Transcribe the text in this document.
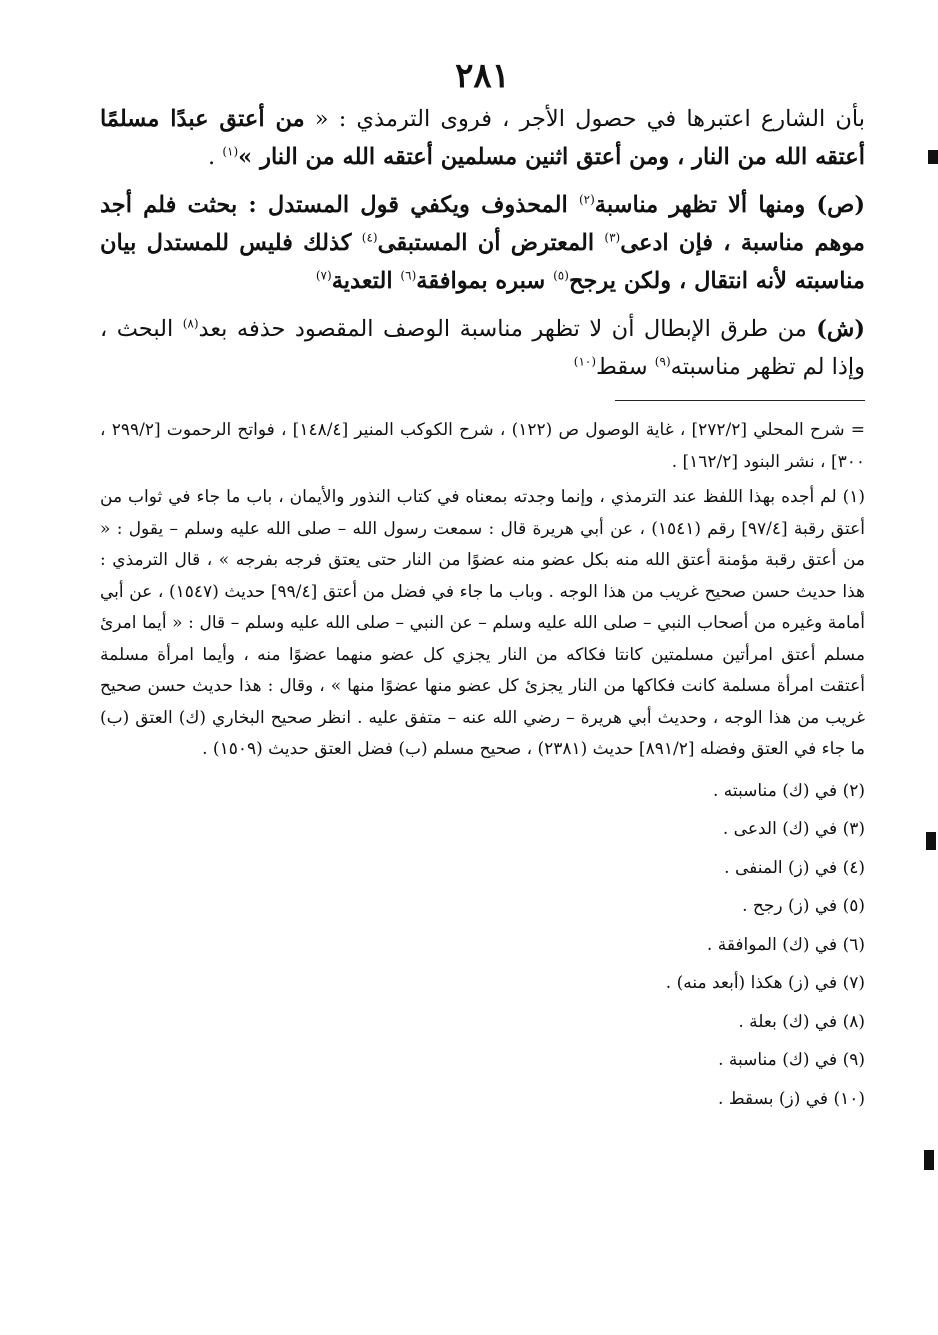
٢٨١

بأن الشارع اعتبرها في حصول الأجر ، فروى الترمذي : « من أعتق عبدًا مسلمًا أعتقه الله من النار ، ومن أعتق اثنين مسلمين أعتقه الله من النار »$^{(١)}$ .

(ص) ومنها ألا تظهر مناسبة$^{(٢)}$ المحذوف ويكفي قول المستدل : بحثت فلم أجد موهم مناسبة ، فإن ادعى$^{(٣)}$ المعترض أن المستبقى$^{(٤)}$ كذلك فليس للمستدل بيان مناسبته لأنه انتقال ، ولكن يرجح$^{(٥)}$ سبره بموافقة$^{(٦)}$ التعدية$^{(٧)}$

(ش) من طرق الإبطال أن لا تظهر مناسبة الوصف المقصود حذفه بعد$^{(٨)}$ البحث ، وإذا لم تظهر مناسبته$^{(٩)}$ سقط$^{(١٠)}$

= شرح المحلي [٢٧٢/٢] ، غاية الوصول ص (١٢٢) ، شرح الكوكب المنير [١٤٨/٤] ، فواتح الرحموت [٢٩٩/٢ ، ٣٠٠] ، نشر البنود [١٦٢/٢] .

(١) لم أجده بهذا اللفظ عند الترمذي ، وإنما وجدته بمعناه في كتاب النذور والأيمان ، باب ما جاء في ثواب من أعتق رقبة [٩٧/٤] رقم (١٥٤١) ، عن أبي هريرة قال : سمعت رسول الله – صلى الله عليه وسلم – يقول : « من أعتق رقبة مؤمنة أعتق الله منه بكل عضو منه عضوًا من النار حتى يعتق فرجه بفرجه » ، قال الترمذي : هذا حديث حسن صحيح غريب من هذا الوجه . وباب ما جاء في فضل من أعتق [٩٩/٤] حديث (١٥٤٧) ، عن أبي أمامة وغيره من أصحاب النبي – صلى الله عليه وسلم – عن النبي – صلى الله عليه وسلم – قال : « أيما امرئ مسلم أعتق امرأتين مسلمتين كانتا فكاكه من النار يجزي كل عضو منهما عضوًا منه ، وأيما امرأة مسلمة أعتقت امرأة مسلمة كانت فكاكها من النار يجزئ كل عضو منها عضوًا منها » ، وقال : هذا حديث حسن صحيح غريب من هذا الوجه ، وحديث أبي هريرة – رضي الله عنه – متفق عليه . انظر صحيح البخاري (ك) العتق (ب) ما جاء في العتق وفضله [٨٩١/٢] حديث (٢٣٨١) ، صحيح مسلم (ب) فضل العتق حديث (١٥٠٩) .

(٢) في (ك) مناسبته .

(٣) في (ك) الدعى .

(٤) في (ز) المنفى .

(٥) في (ز) رجح .

(٦) في (ك) الموافقة .

(٧) في (ز) هكذا (أبعد منه) .

(٨) في (ك) بعلة .

(٩) في (ك) مناسبة .

(١٠) في (ز) بسقط .
